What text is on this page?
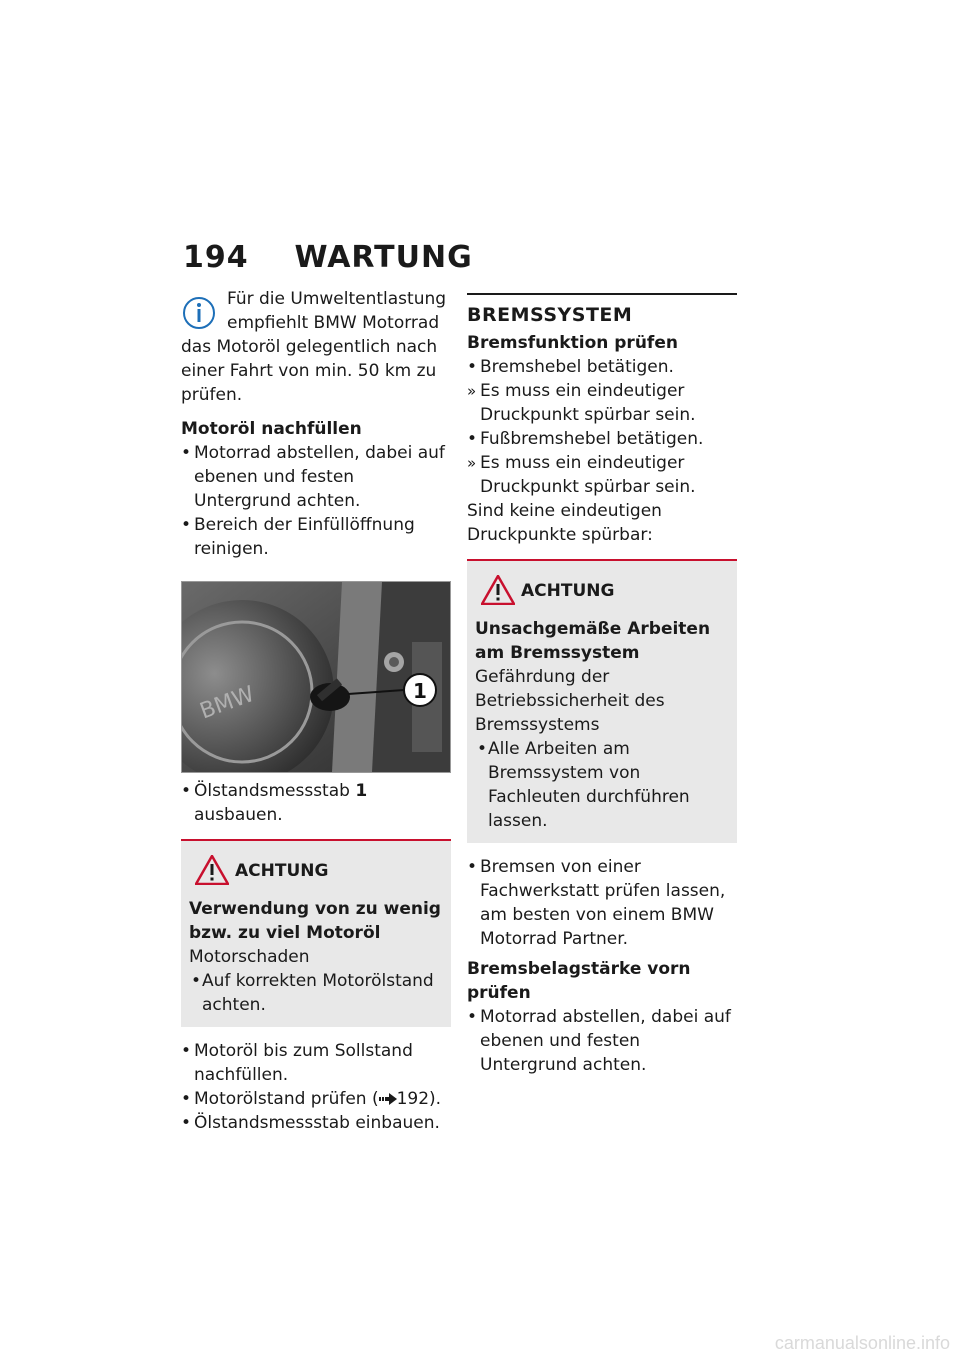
194 WARTUNG
Für die Umweltentlastung

empfiehlt BMW Motorrad

das Motoröl gelegentlich nach einer Fahrt von min. 50 km zu prüfen.

Motoröl nachfüllen

• Motorrad abstellen, dabei auf ebenen und festen Untergrund achten.

• Bereich der Einfüllöffnung reinigen.

BMW	1

• Ölstandsmessstab 1 ausbauen.

ACHTUNG

Verwendung von zu wenig bzw. zu viel Motoröl

Motorschaden

• Auf korrekten Motorölstand achten.

• Motoröl bis zum Sollstand nachfüllen.

• Motorölstand prüfen ( 192).

• Ölstandsmessstab einbauen.

BREMSSYSTEM

Bremsfunktion prüfen

• Bremshebel betätigen.

» Es muss ein eindeutiger Druckpunkt spürbar sein.

• Fußbremshebel betätigen.

» Es muss ein eindeutiger Druckpunkt spürbar sein.

Sind keine eindeutigen Druckpunkte spürbar:

ACHTUNG

Unsachgemäße Arbeiten am Bremssystem

Gefährdung der Betriebssicherheit des Bremssystems

• Alle Arbeiten am Bremssystem von Fachleuten durchführen lassen.

• Bremsen von einer Fachwerkstatt prüfen lassen, am besten von einem BMW Motorrad Partner.

Bremsbelagstärke vorn prüfen

• Motorrad abstellen, dabei auf ebenen und festen Untergrund achten.

carmanualsonline.info
